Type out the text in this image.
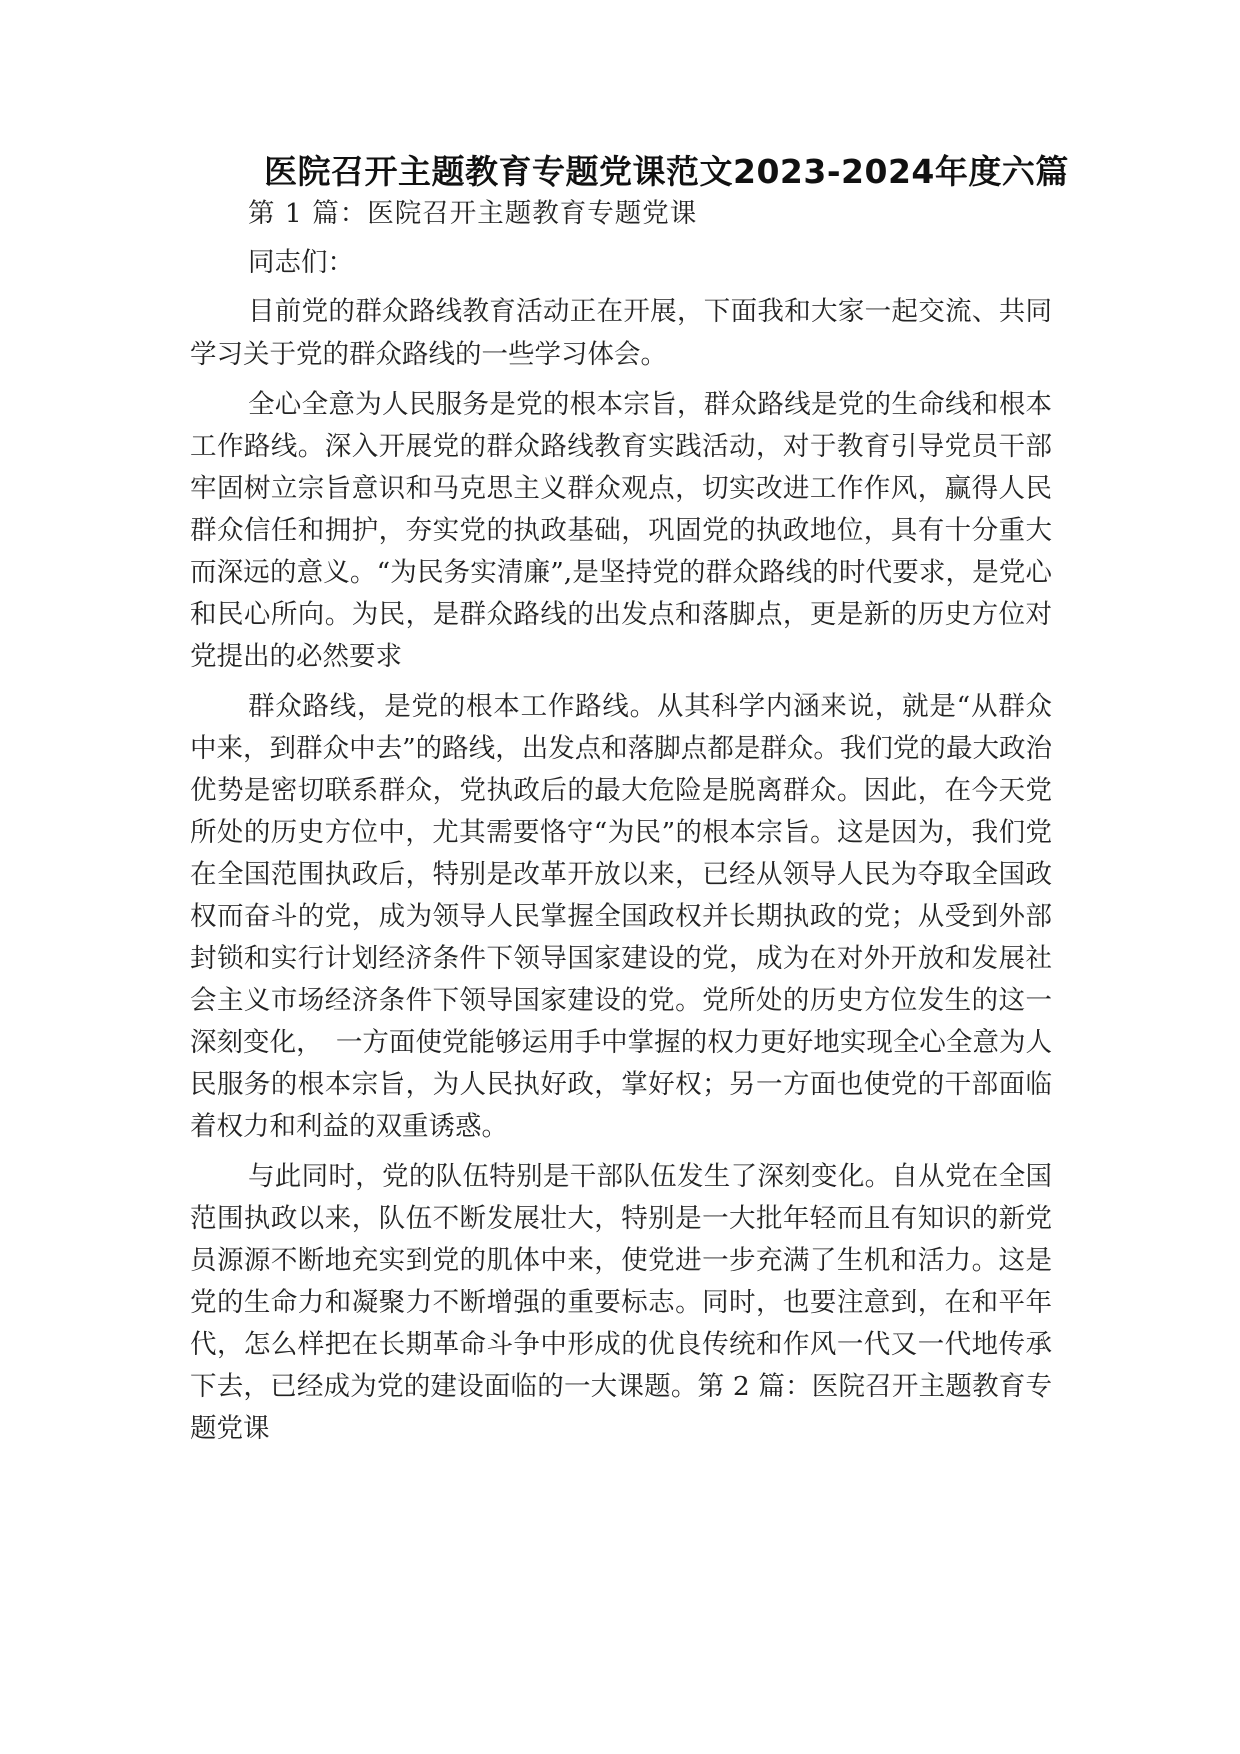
医院召开主题教育专题党课范文2023-2024年度六篇
第 1 篇：医院召开主题教育专题党课
同志们：

目前党的群众路线教育活动正在开展，下面我和大家一起交流、共同学习关于党的群众路线的一些学习体会。

全心全意为人民服务是党的根本宗旨，群众路线是党的生命线和根本工作路线。深入开展党的群众路线教育实践活动，对于教育引导党员干部牢固树立宗旨意识和马克思主义群众观点，切实改进工作作风，赢得人民群众信任和拥护，夯实党的执政基础，巩固党的执政地位，具有十分重大而深远的意义。“为民务实清廉”,是坚持党的群众路线的时代要求，是党心和民心所向。为民，是群众路线的出发点和落脚点，更是新的历史方位对党提出的必然要求

群众路线，是党的根本工作路线。从其科学内涵来说，就是“从群众中来，到群众中去”的路线，出发点和落脚点都是群众。我们党的最大政治优势是密切联系群众，党执政后的最大危险是脱离群众。因此，在今天党所处的历史方位中，尤其需要恪守“为民”的根本宗旨。这是因为，我们党在全国范围执政后，特别是改革开放以来，已经从领导人民为夺取全国政权而奋斗的党，成为领导人民掌握全国政权并长期执政的党；从受到外部封锁和实行计划经济条件下领导国家建设的党，成为在对外开放和发展社会主义市场经济条件下领导国家建设的党。党所处的历史方位发生的这一深刻变化，　一方面使党能够运用手中掌握的权力更好地实现全心全意为人民服务的根本宗旨，为人民执好政，掌好权；另一方面也使党的干部面临着权力和利益的双重诱惑。

与此同时，党的队伍特别是干部队伍发生了深刻变化。自从党在全国范围执政以来，队伍不断发展壮大，特别是一大批年轻而且有知识的新党员源源不断地充实到党的肌体中来，使党进一步充满了生机和活力。这是党的生命力和凝聚力不断增强的重要标志。同时，也要注意到，在和平年代，怎么样把在长期革命斗争中形成的优良传统和作风一代又一代地传承下去，已经成为党的建设面临的一大课题。第 2 篇：医院召开主题教育专题党课
